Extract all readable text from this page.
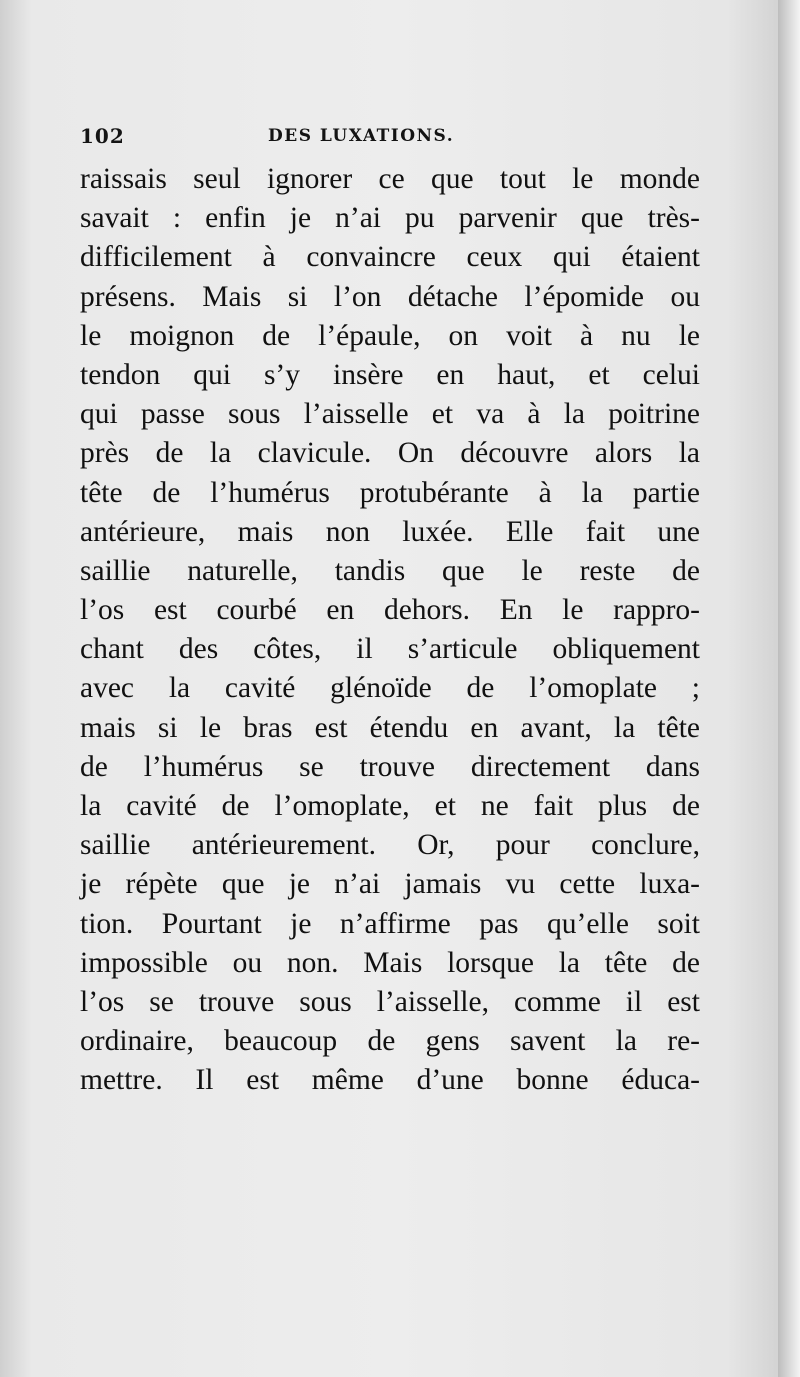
102	DES LUXATIONS.
raissais seul ignorer ce que tout le monde
savait : enfin je n’ai pu parvenir que très-
difficilement à convaincre ceux qui étaient
présens. Mais si l’on détache l’épomide ou
le moignon de l’épaule, on voit à nu le
tendon qui s’y insère en haut, et celui
qui passe sous l’aisselle et va à la poitrine
près de la clavicule. On découvre alors la
tête de l’humérus protubérante à la partie
antérieure, mais non luxée. Elle fait une
saillie naturelle, tandis que le reste de
l’os est courbé en dehors. En le rappro-
chant des côtes, il s’articule obliquement
avec la cavité glénoïde de l’omoplate ;
mais si le bras est étendu en avant, la tête
de l’humérus se trouve directement dans
la cavité de l’omoplate, et ne fait plus de
saillie antérieurement. Or, pour conclure,
je répète que je n’ai jamais vu cette luxa-
tion. Pourtant je n’affirme pas qu’elle soit
impossible ou non. Mais lorsque la tête de
l’os se trouve sous l’aisselle, comme il est
ordinaire, beaucoup de gens savent la re-
mettre. Il est même d’une bonne éduca-
